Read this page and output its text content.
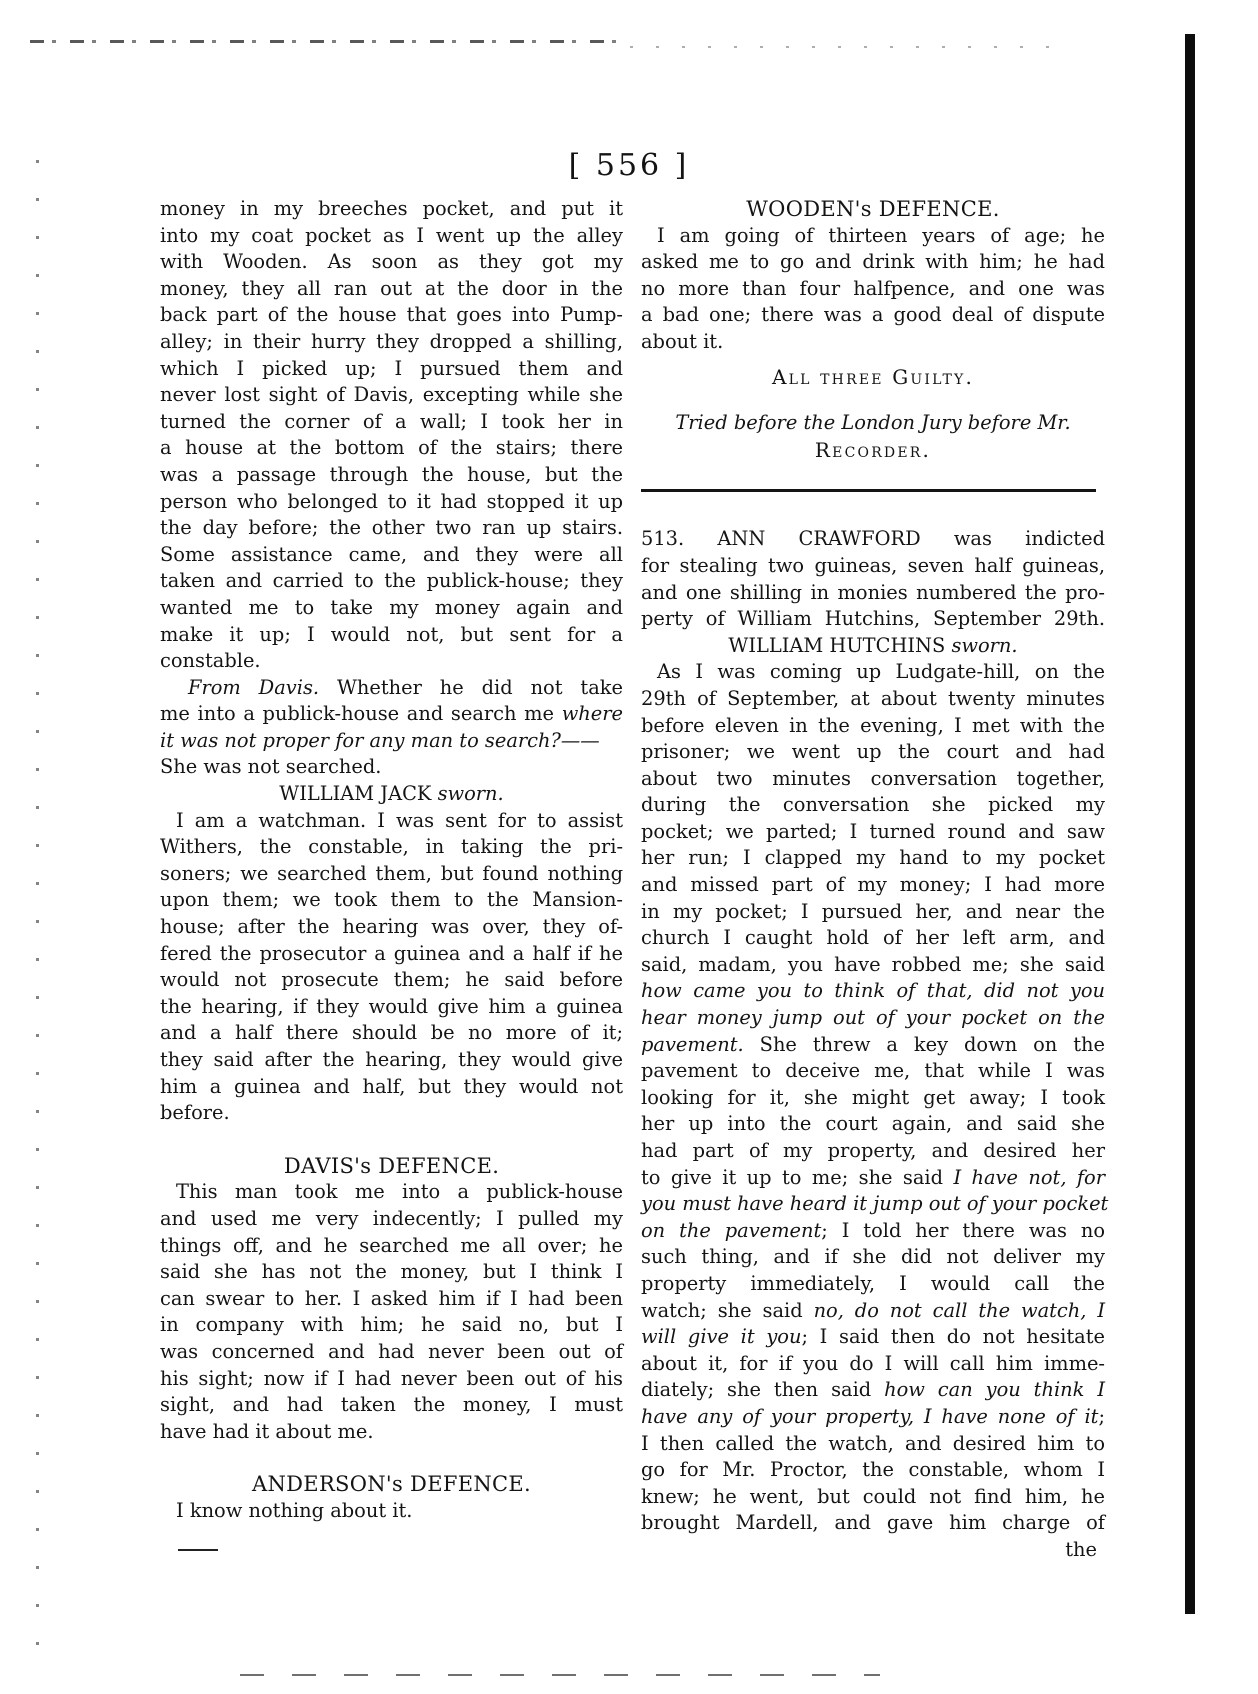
[ 556 ]
money in my breeches pocket, and put it
into my coat pocket as I went up the alley
with Wooden. As soon as they got my
money, they all ran out at the door in the
back part of the house that goes into Pump-
alley; in their hurry they dropped a shilling,
which I picked up; I pursued them and
never lost sight of Davis, excepting while she
turned the corner of a wall; I took her in
a house at the bottom of the stairs; there
was a passage through the house, but the
person who belonged to it had stopped it up
the day before; the other two ran up stairs.
Some assistance came, and they were all
taken and carried to the publick-house; they
wanted me to take my money again and
make it up; I would not, but sent for a
constable.
From Davis. Whether he did not take
me into a publick-house and search me where
it was not proper for any man to search?——
She was not searched.
WILLIAM JACK sworn.
I am a watchman. I was sent for to assist
Withers, the constable, in taking the pri-
soners; we searched them, but found nothing
upon them; we took them to the Mansion-
house; after the hearing was over, they of-
fered the prosecutor a guinea and a half if he
would not prosecute them; he said before
the hearing, if they would give him a guinea
and a half there should be no more of it;
they said after the hearing, they would give
him a guinea and half, but they would not
before.
DAVIS's DEFENCE.
This man took me into a publick-house
and used me very indecently; I pulled my
things off, and he searched me all over; he
said she has not the money, but I think I
can swear to her. I asked him if I had been
in company with him; he said no, but I
was concerned and had never been out of
his sight; now if I had never been out of his
sight, and had taken the money, I must
have had it about me.
ANDERSON's DEFENCE.
I know nothing about it.
WOODEN's DEFENCE.
I am going of thirteen years of age; he
asked me to go and drink with him; he had
no more than four halfpence, and one was
a bad one; there was a good deal of dispute
about it.
All three Guilty.
Tried before the London Jury before Mr.
Recorder.
513. ANN CRAWFORD was indicted
for stealing two guineas, seven half guineas,
and one shilling in monies numbered the pro-
perty of William Hutchins, September 29th.
WILLIAM HUTCHINS sworn.
As I was coming up Ludgate-hill, on the
29th of September, at about twenty minutes
before eleven in the evening, I met with the
prisoner; we went up the court and had
about two minutes conversation together,
during the conversation she picked my
pocket; we parted; I turned round and saw
her run; I clapped my hand to my pocket
and missed part of my money; I had more
in my pocket; I pursued her, and near the
church I caught hold of her left arm, and
said, madam, you have robbed me; she said
how came you to think of that, did not you
hear money jump out of your pocket on the
pavement. She threw a key down on the
pavement to deceive me, that while I was
looking for it, she might get away; I took
her up into the court again, and said she
had part of my property, and desired her
to give it up to me; she said I have not, for
you must have heard it jump out of your pocket
on the pavement; I told her there was no
such thing, and if she did not deliver my
property immediately, I would call the
watch; she said no, do not call the watch, I
will give it you; I said then do not hesitate
about it, for if you do I will call him imme-
diately; she then said how can you think I
have any of your property, I have none of it;
I then called the watch, and desired him to
go for Mr. Proctor, the constable, whom I
knew; he went, but could not find him, he
brought Mardell, and gave him charge of
the
